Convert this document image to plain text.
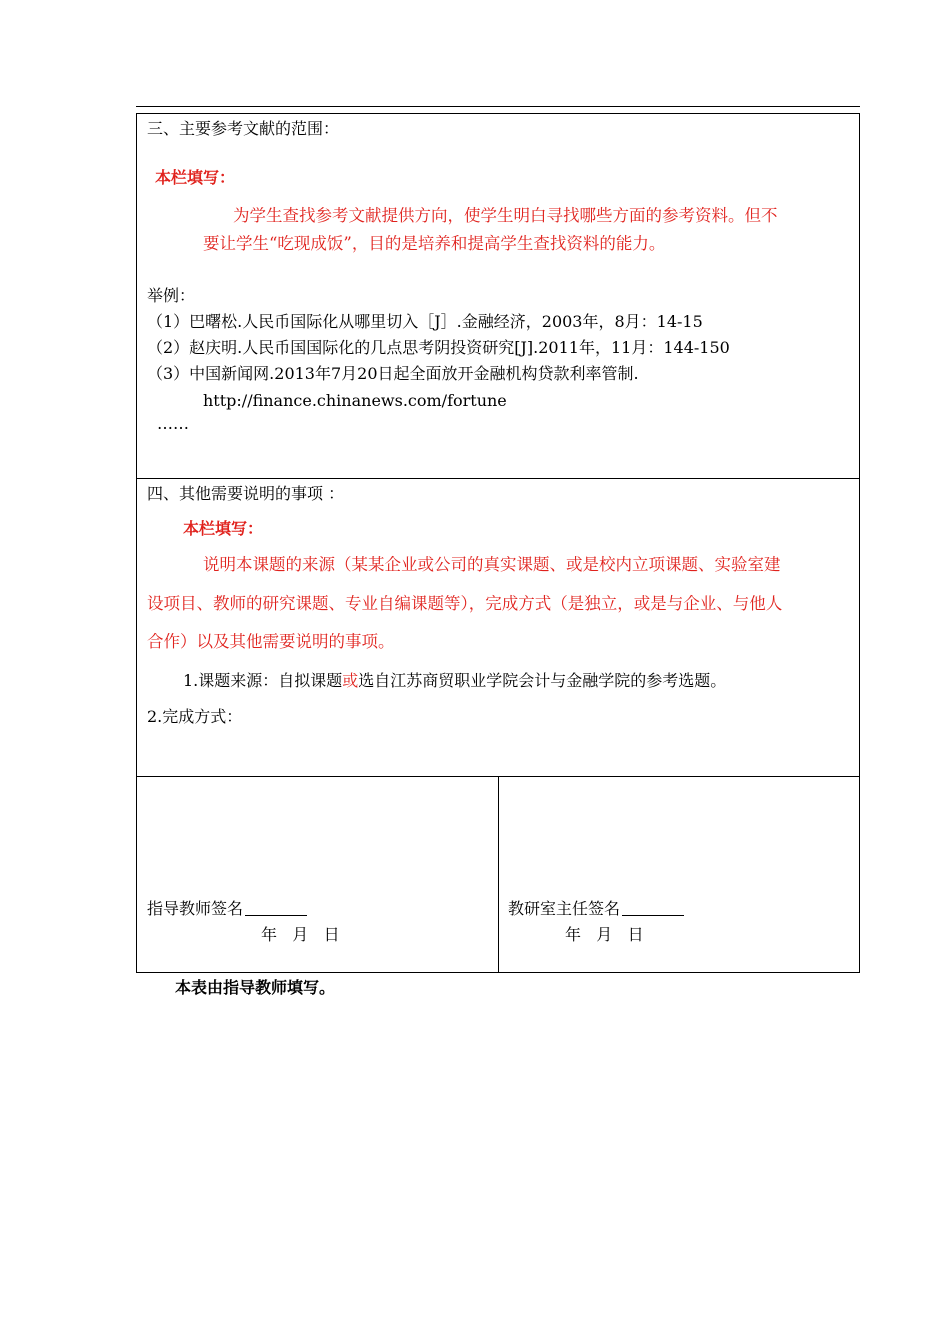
三、主要参考文献的范围：
本栏填写：
为学生查找参考文献提供方向，使学生明白寻找哪些方面的参考资料。但不
要让学生“吃现成饭”，目的是培养和提高学生查找资料的能力。
举例：
（1）巴曙松.人民币国际化从哪里切入［J］.金融经济，2003年，8月：14-15
（2）赵庆明.人民币国国际化的几点思考阴投资研究[J].2011年，11月：144-150
（3）中国新闻网.2013年7月20日起全面放开金融机构贷款利率管制.
http://finance.chinanews.com/fortune
……
四、其他需要说明的事项 ：
本栏填写：
说明本课题的来源（某某企业或公司的真实课题、或是校内立项课题、实验室建
设项目、教师的研究课题、专业自编课题等），完成方式（是独立，或是与企业、与他人
合作）以及其他需要说明的事项。
1.课题来源：自拟课题或选自江苏商贸职业学院会计与金融学院的参考选题。
2.完成方式：
指导教师签名
年 月 日
教研室主任签名
年 月 日
本表由指导教师填写。
